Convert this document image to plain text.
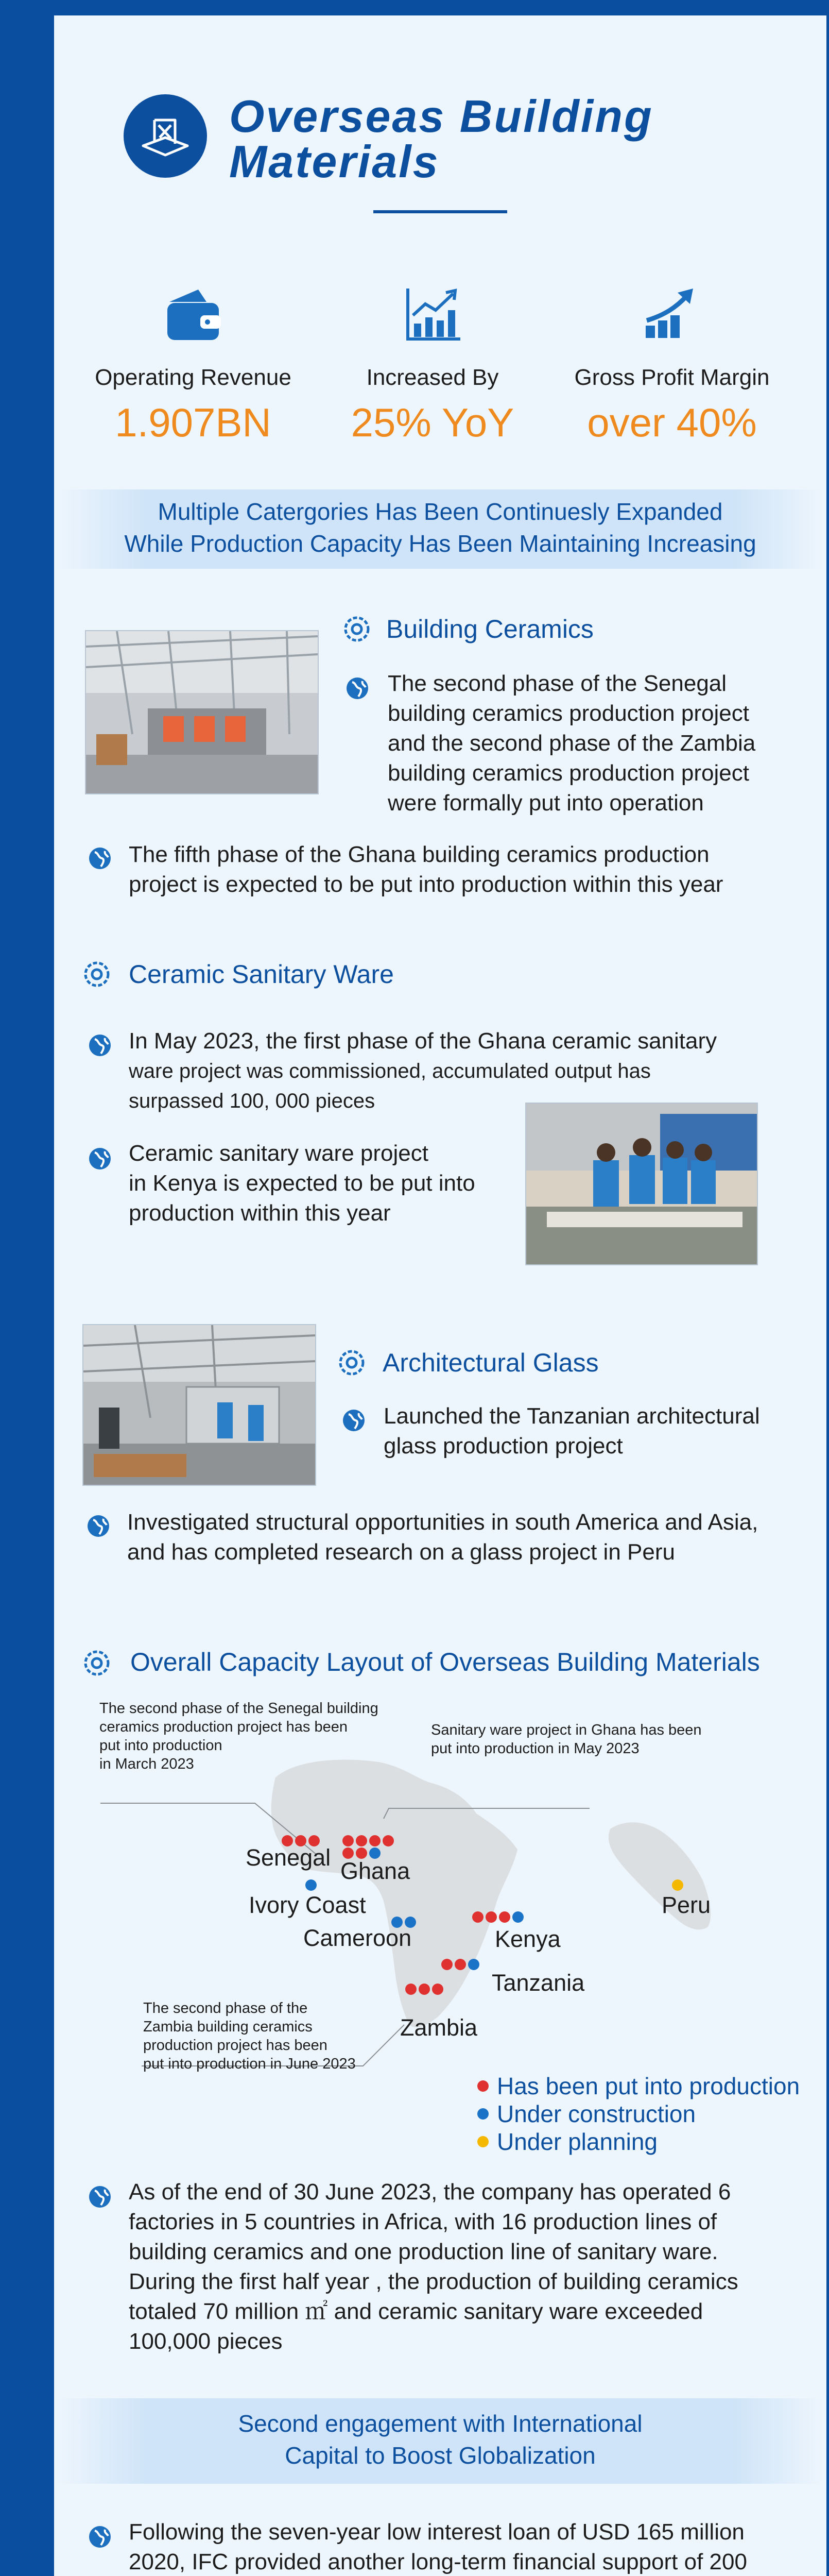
Overseas Building
Materials
Operating Revenue	Increased By	Gross Profit Margin
1.907BN	25% YoY	over 40%
Multiple Catergories Has Been Continuesly Expanded
While Production Capacity Has Been Maintaining Increasing
Building Ceramics
The second phase of the Senegal
building ceramics production project
and the second phase of the Zambia
building ceramics production project
were formally put into operation
The fifth phase of the Ghana building ceramics production
project is expected to be put into production within this year
Ceramic Sanitary Ware
In May 2023, the first phase of the Ghana ceramic sanitary
ware project was commissioned, accumulated output has
surpassed 100, 000 pieces
Ceramic sanitary ware project
in Kenya is expected to be put into
production within this year
Architectural Glass
Launched the Tanzanian architectural
glass production project
Investigated structural opportunities in south America and Asia,
and has completed research on a glass project in Peru
Overall Capacity Layout of Overseas Building Materials
The second phase of the Senegal building
ceramics production project has been
put into production
in March 2023
Sanitary ware project in Ghana has been
put into production in May 2023
The second phase of the
Zambia building ceramics
production project has been
put into production in June 2023
Senegal
Ghana
Ivory Coast
Cameroon	Kenya
Tanzania
Zambia
Peru
Has been put into production
Under construction
Under planning
As of the end of 30 June 2023, the company has operated 6
factories in 5 countries in Africa, with 16 production lines of
building ceramics and one production line of sanitary ware.
During the first half year , the production of building ceramics
totaled 70 million ㎡ and ceramic sanitary ware exceeded
100,000 pieces
Second engagement with International
Capital to Boost Globalization
Following the seven-year low interest loan of USD 165 million
2020, IFC provided another long-term financial support of 200
